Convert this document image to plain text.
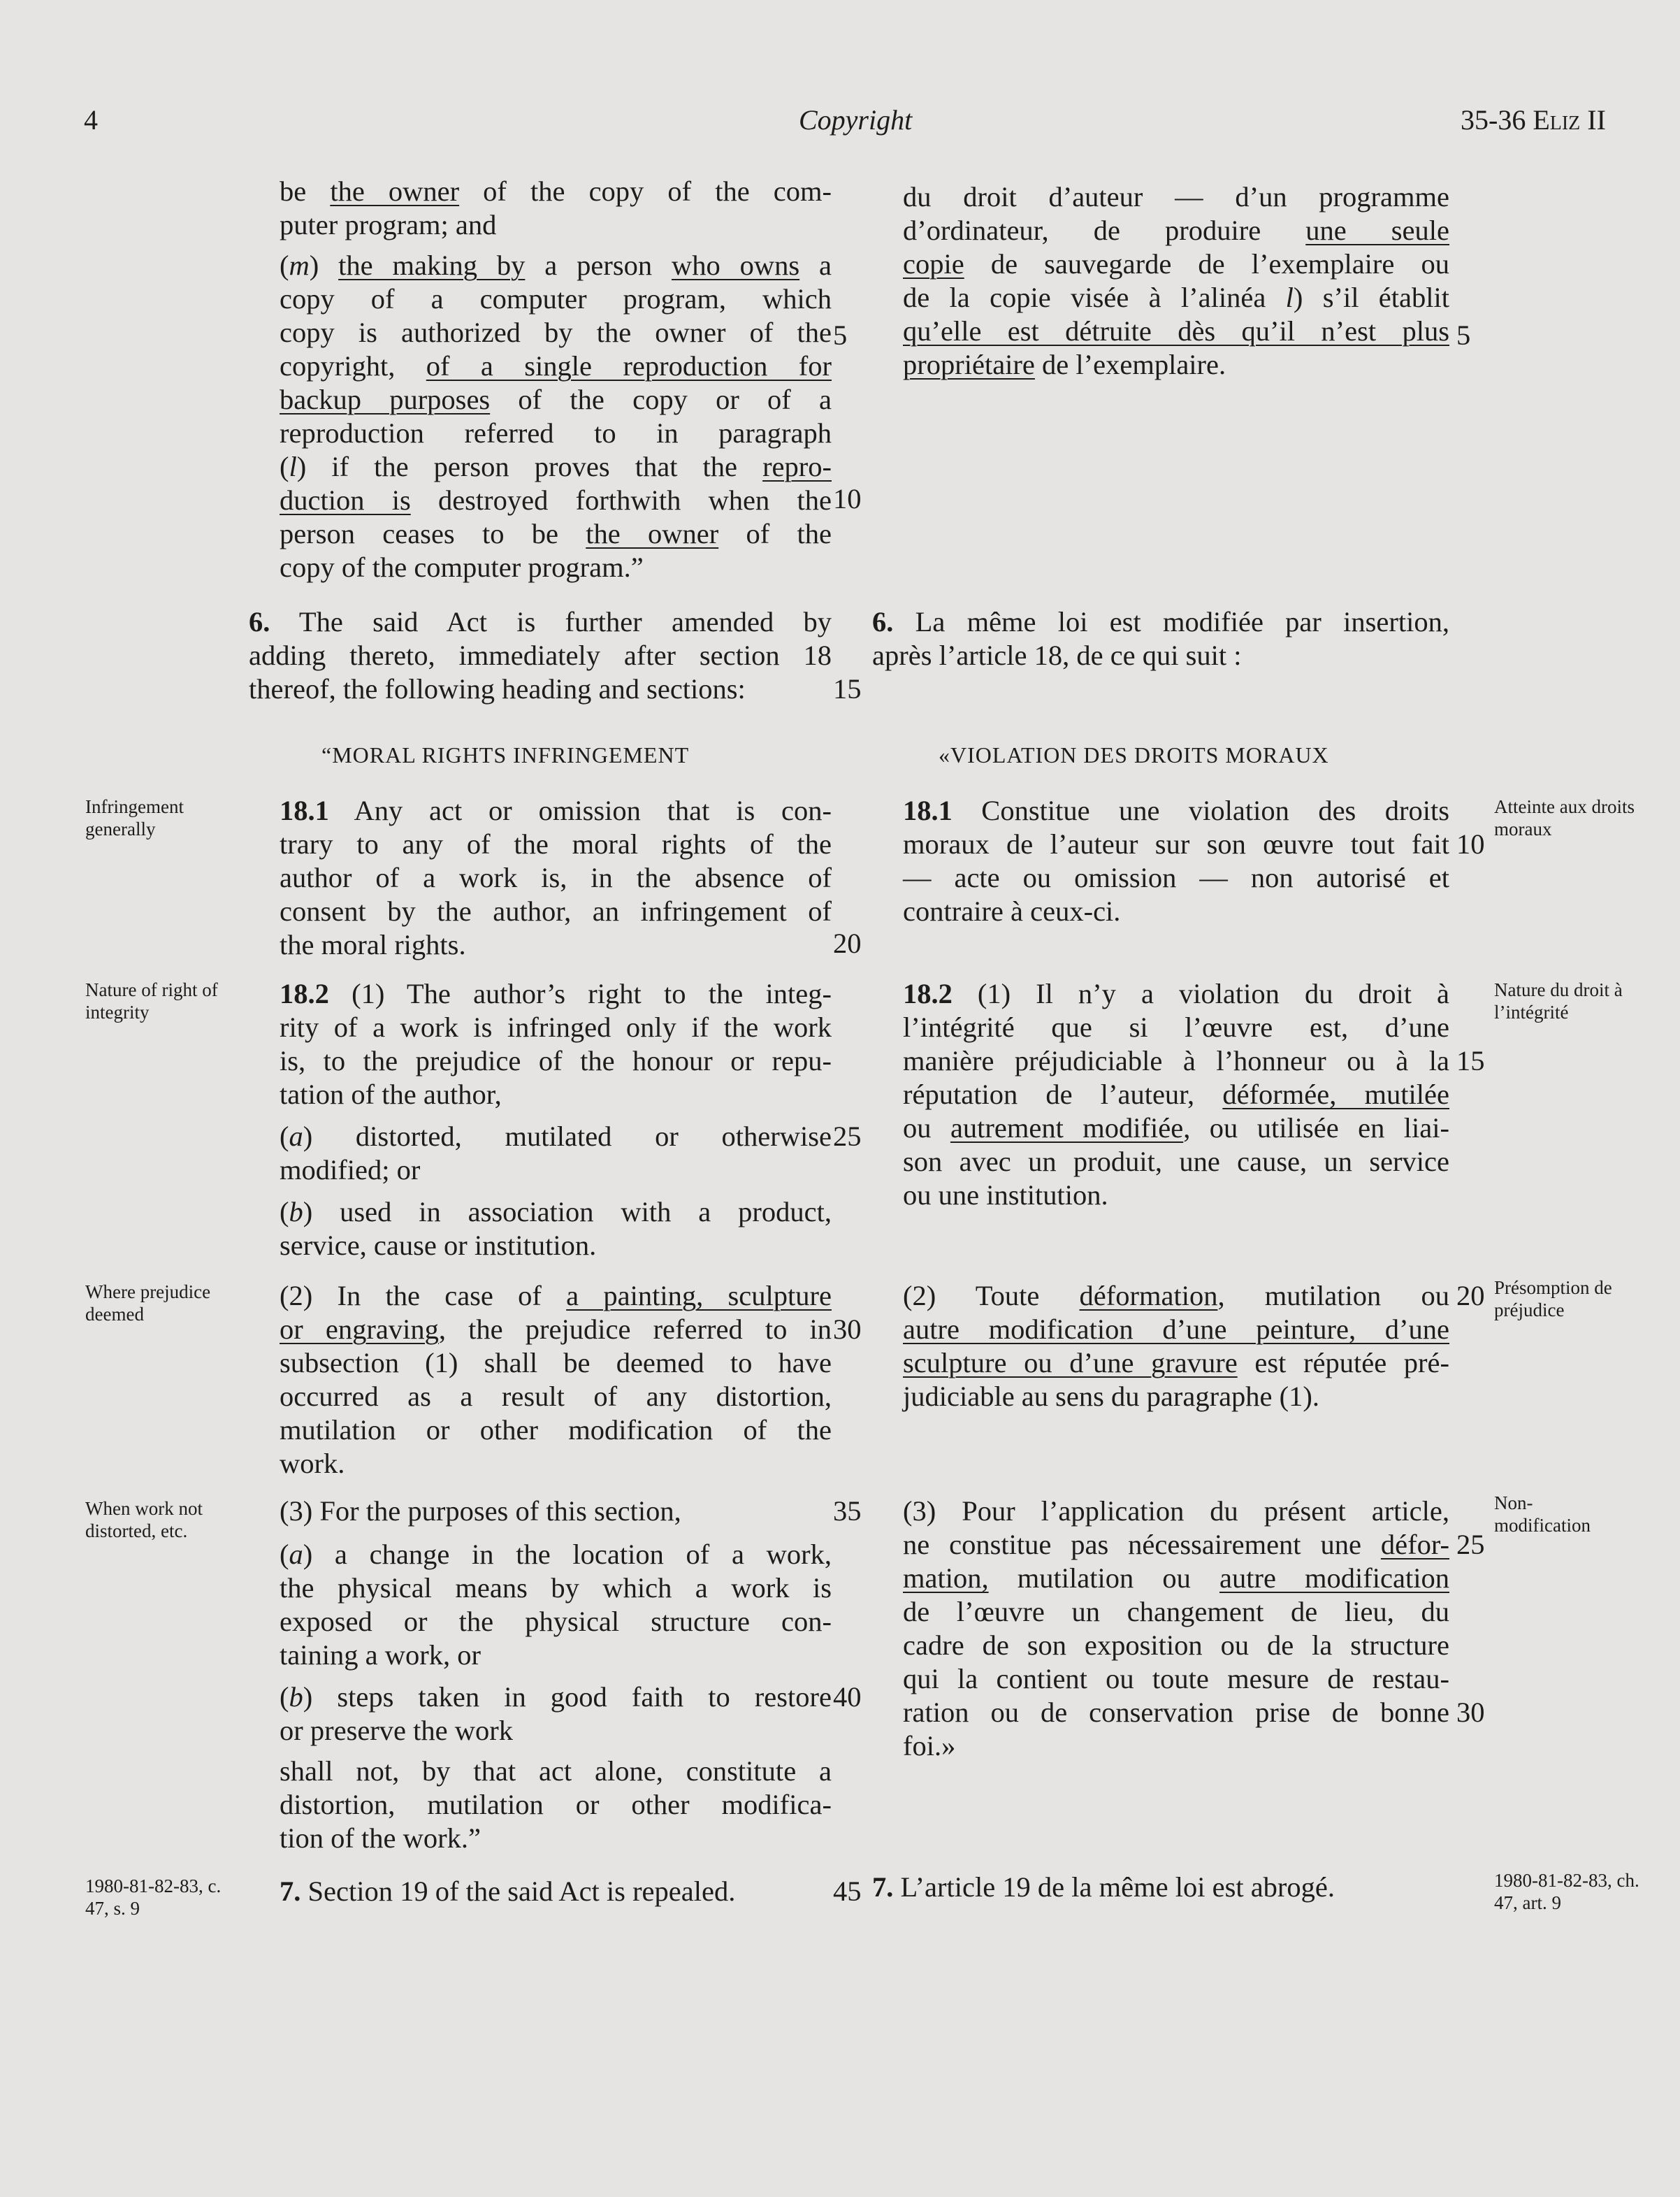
4	Copyright	35-36 Eliz II
be the owner of the copy of the com-
puter program; and
(m) the making by a person who owns a
copy of a computer program, which
copy is authorized by the owner of the
copyright, of a single reproduction for
backup purposes of the copy or of a
reproduction referred to in paragraph
(l) if the person proves that the repro-
duction is destroyed forthwith when the
person ceases to be the owner of the
copy of the computer program.”
6. The said Act is further amended by
adding thereto, immediately after section 18
thereof, the following heading and sections:
“MORAL RIGHTS INFRINGEMENT
18.1 Any act or omission that is con-
trary to any of the moral rights of the
author of a work is, in the absence of
consent by the author, an infringement of
the moral rights.
18.2 (1) The author’s right to the integ-
rity of a work is infringed only if the work
is, to the prejudice of the honour or repu-
tation of the author,
(a) distorted, mutilated or otherwise
modified; or
(b) used in association with a product,
service, cause or institution.
(2) In the case of a painting, sculpture
or engraving, the prejudice referred to in
subsection (1) shall be deemed to have
occurred as a result of any distortion,
mutilation or other modification of the
work.
(3) For the purposes of this section,
(a) a change in the location of a work,
the physical means by which a work is
exposed or the physical structure con-
taining a work, or
(b) steps taken in good faith to restore
or preserve the work
shall not, by that act alone, constitute a
distortion, mutilation or other modifica-
tion of the work.”
7. Section 19 of the said Act is repealed.
5
10
15
20
25
30
35
40
45
du droit d’auteur — d’un programme
d’ordinateur, de produire une seule
copie de sauvegarde de l’exemplaire ou
de la copie visée à l’alinéa l) s’il établit
qu’elle est détruite dès qu’il n’est plus
propriétaire de l’exemplaire.
6. La même loi est modifiée par insertion,
après l’article 18, de ce qui suit :
«VIOLATION DES DROITS MORAUX
18.1 Constitue une violation des droits
moraux de l’auteur sur son œuvre tout fait
— acte ou omission — non autorisé et
contraire à ceux-ci.
18.2 (1) Il n’y a violation du droit à
l’intégrité que si l’œuvre est, d’une
manière préjudiciable à l’honneur ou à la
réputation de l’auteur, déformée, mutilée
ou autrement modifiée, ou utilisée en liai-
son avec un produit, une cause, un service
ou une institution.
(2) Toute déformation, mutilation ou
autre modification d’une peinture, d’une
sculpture ou d’une gravure est réputée pré-
judiciable au sens du paragraphe (1).
(3) Pour l’application du présent article,
ne constitue pas nécessairement une défor-
mation, mutilation ou autre modification
de l’œuvre un changement de lieu, du
cadre de son exposition ou de la structure
qui la contient ou toute mesure de restau-
ration ou de conservation prise de bonne
foi.»
7. L’article 19 de la même loi est abrogé.
5
10
15
20
25
30
Infringement generally
Nature of right of integrity
Where prejudice deemed
When work not distorted, etc.
1980-81-82-83, c. 47, s. 9
Atteinte aux droits moraux
Nature du droit à l’intégrité
Présomption de préjudice
Non-modification
1980-81-82-83, ch. 47, art. 9
